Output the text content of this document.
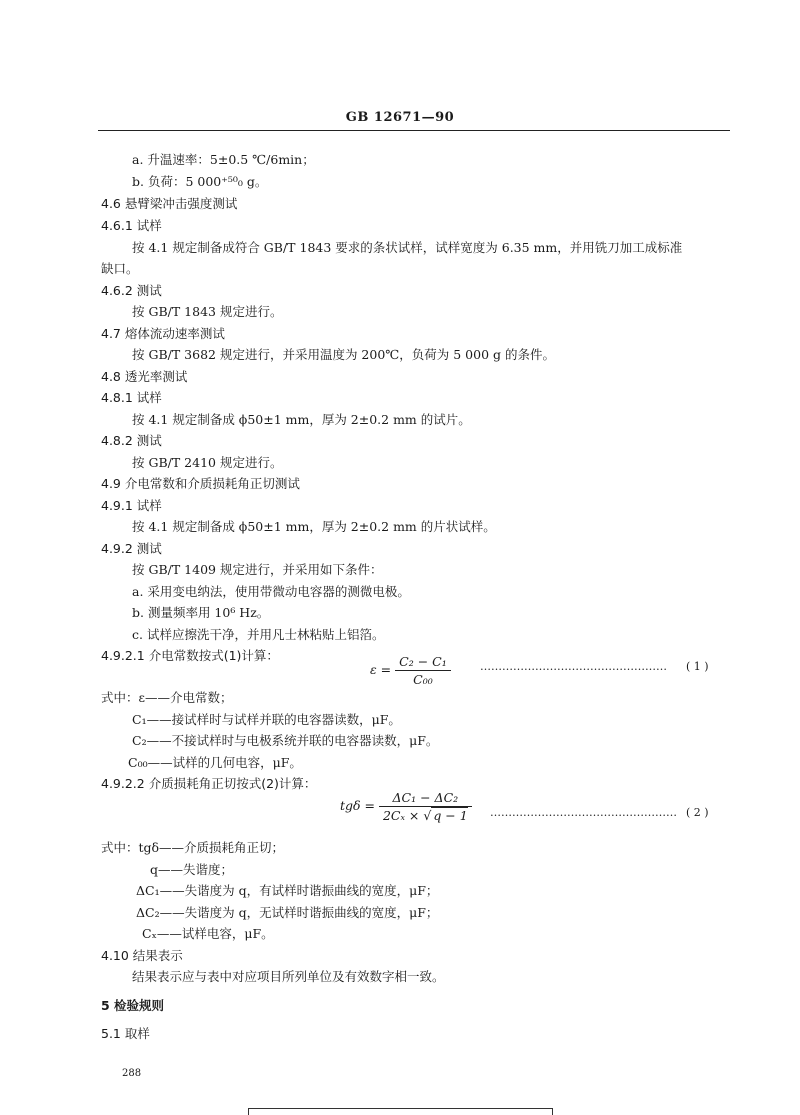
GB 12671—90
a. 升温速率：5±0.5 ℃/6min；
b. 负荷：5 000⁺⁵⁰₀ g。
4.6 悬臂梁冲击强度测试
4.6.1 试样
按 4.1 规定制备成符合 GB/T 1843 要求的条状试样，试样宽度为 6.35 mm，并用铣刀加工成标准
缺口。
4.6.2 测试
按 GB/T 1843 规定进行。
4.7 熔体流动速率测试
按 GB/T 3682 规定进行，并采用温度为 200℃，负荷为 5 000 g 的条件。
4.8 透光率测试
4.8.1 试样
按 4.1 规定制备成 ϕ50±1 mm，厚为 2±0.2 mm 的试片。
4.8.2 测试
按 GB/T 2410 规定进行。
4.9 介电常数和介质损耗角正切测试
4.9.1 试样
按 4.1 规定制备成 ϕ50±1 mm，厚为 2±0.2 mm 的片状试样。
4.9.2 测试
按 GB/T 1409 规定进行，并采用如下条件：
a. 采用变电纳法，使用带微动电容器的测微电极。
b. 测量频率用 10⁶ Hz。
c. 试样应擦洗干净，并用凡士林粘贴上铝箔。
4.9.2.1 介电常数按式(1)计算：
$\varepsilon = \frac{\text{C₂ − C₁}}{\text{C₀₀}}$	…………………………………………… ( 1 )
式中：ε——介电常数；
C₁——接试样时与试样并联的电容器读数，μF。
C₂——不接试样时与电极系统并联的电容器读数，μF。
C₀₀——试样的几何电容，μF。
4.9.2.2 介质损耗角正切按式(2)计算：
$tg\delta = \frac{\text{ΔC₁ − ΔC₂}}{\text{2Cₓ × √ q − 1}}$ …………………………………………… ( 2 )
式中：tgδ——介质损耗角正切；
q——失谐度；
ΔC₁——失谐度为 q，有试样时谐振曲线的宽度，μF；
ΔC₂——失谐度为 q，无试样时谐振曲线的宽度，μF；
Cₓ——试样电容，μF。
4.10 结果表示
结果表示应与表中对应项目所列单位及有效数字相一致。
5 检验规则
5.1 取样
288
